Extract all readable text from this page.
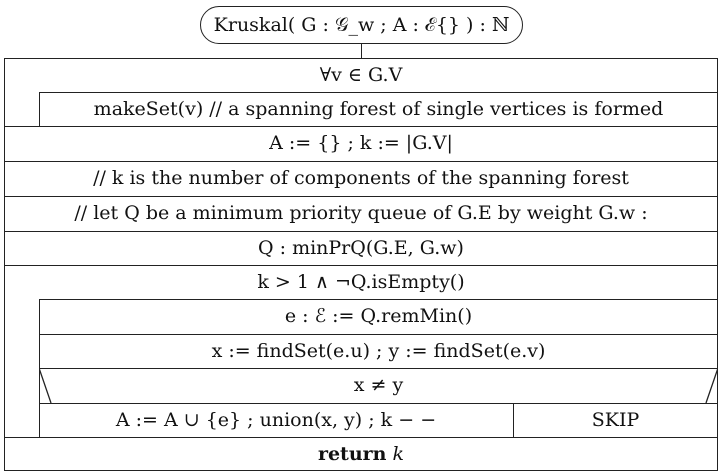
Kruskal( G : 𝒢_w ; A : ℰ{} ) : ℕ
∀v ∈ G.V
makeSet(v) // a spanning forest of single vertices is formed
A := {} ; k := |G.V|
// k is the number of components of the spanning forest
// let Q be a minimum priority queue of G.E by weight G.w :
Q : minPrQ(G.E, G.w)
k > 1 ∧ ¬Q.isEmpty()
e : ℰ := Q.remMin()
x := findSet(e.u) ; y := findSet(e.v)
x ≠ y
A := A ∪ {e} ; union(x, y) ; k − −	SKIP
return
k
